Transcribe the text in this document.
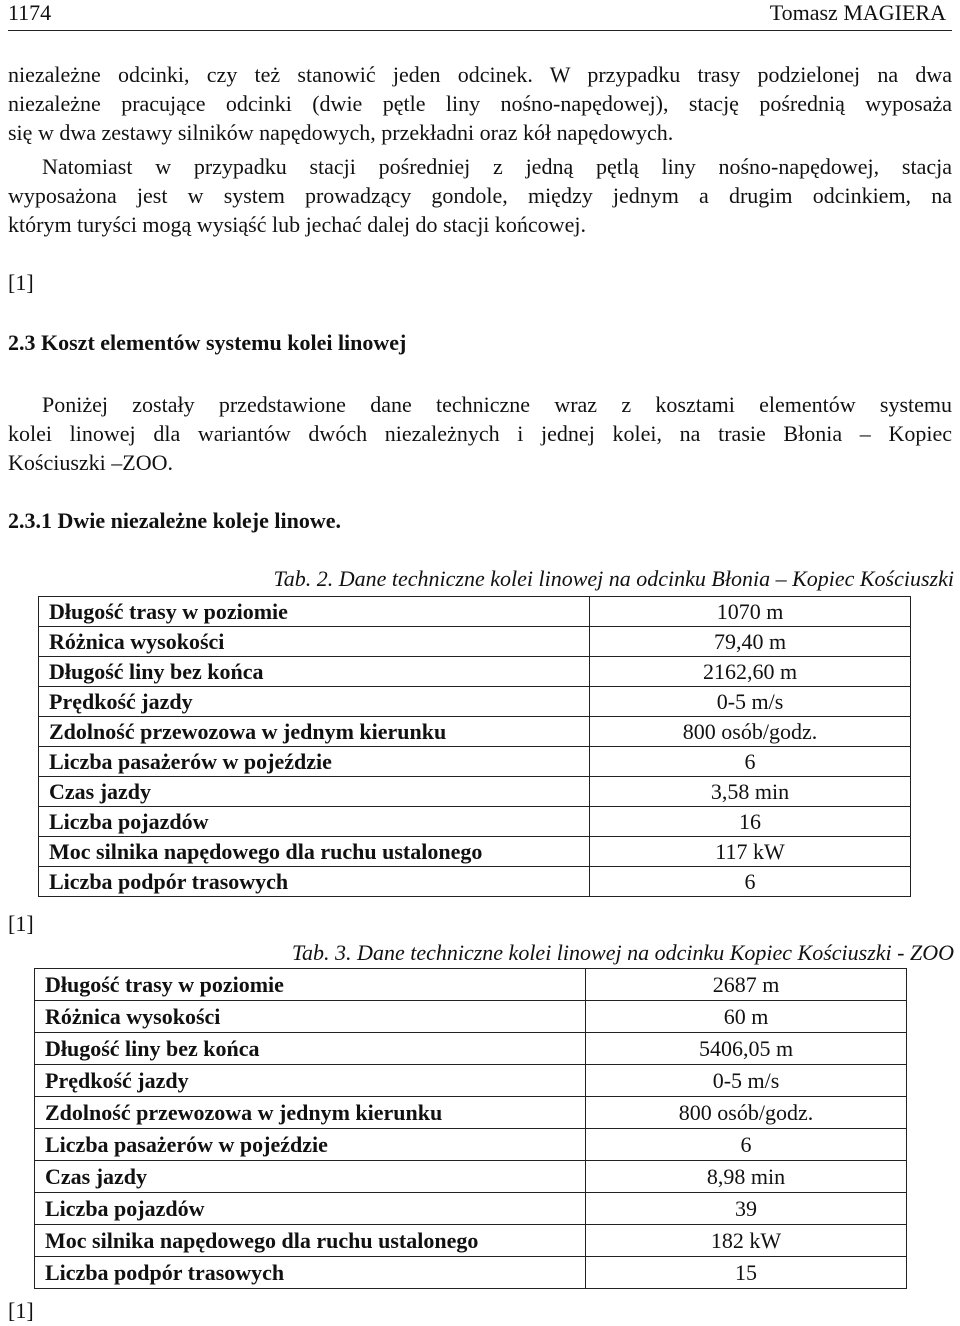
1174	Tomasz MAGIERA
niezależne odcinki, czy też stanowić jeden odcinek. W przypadku trasy podzielonej na dwa
niezależne pracujące odcinki (dwie pętle liny nośno-napędowej), stację pośrednią wyposaża
się w dwa zestawy silników napędowych, przekładni oraz kół napędowych.
Natomiast w przypadku stacji pośredniej z jedną pętlą liny nośno-napędowej, stacja
wyposażona jest w system prowadzący gondole, między jednym a drugim odcinkiem, na
którym turyści mogą wysiąść lub jechać dalej do stacji końcowej.
[1]
2.3 Koszt elementów systemu kolei linowej
Poniżej zostały przedstawione dane techniczne wraz z kosztami elementów systemu
kolei linowej dla wariantów dwóch niezależnych i jednej kolei, na trasie Błonia – Kopiec
Kościuszki –ZOO.
2.3.1 Dwie niezależne koleje linowe.
Tab. 2. Dane techniczne kolei linowej na odcinku Błonia – Kopiec Kościuszki
Długość trasy w poziomie	1070 m
Różnica wysokości	79,40 m
Długość liny bez końca	2162,60 m
Prędkość jazdy	0-5 m/s
Zdolność przewozowa w jednym kierunku	800 osób/godz.
Liczba pasażerów w pojeździe	6
Czas jazdy	3,58 min
Liczba pojazdów	16
Moc silnika napędowego dla ruchu ustalonego	117 kW
Liczba podpór trasowych	6
[1]
Tab. 3. Dane techniczne kolei linowej na odcinku Kopiec Kościuszki - ZOO
Długość trasy w poziomie	2687 m
Różnica wysokości	60 m
Długość liny bez końca	5406,05 m
Prędkość jazdy	0-5 m/s
Zdolność przewozowa w jednym kierunku	800 osób/godz.
Liczba pasażerów w pojeździe	6
Czas jazdy	8,98 min
Liczba pojazdów	39
Moc silnika napędowego dla ruchu ustalonego	182 kW
Liczba podpór trasowych	15
[1]
